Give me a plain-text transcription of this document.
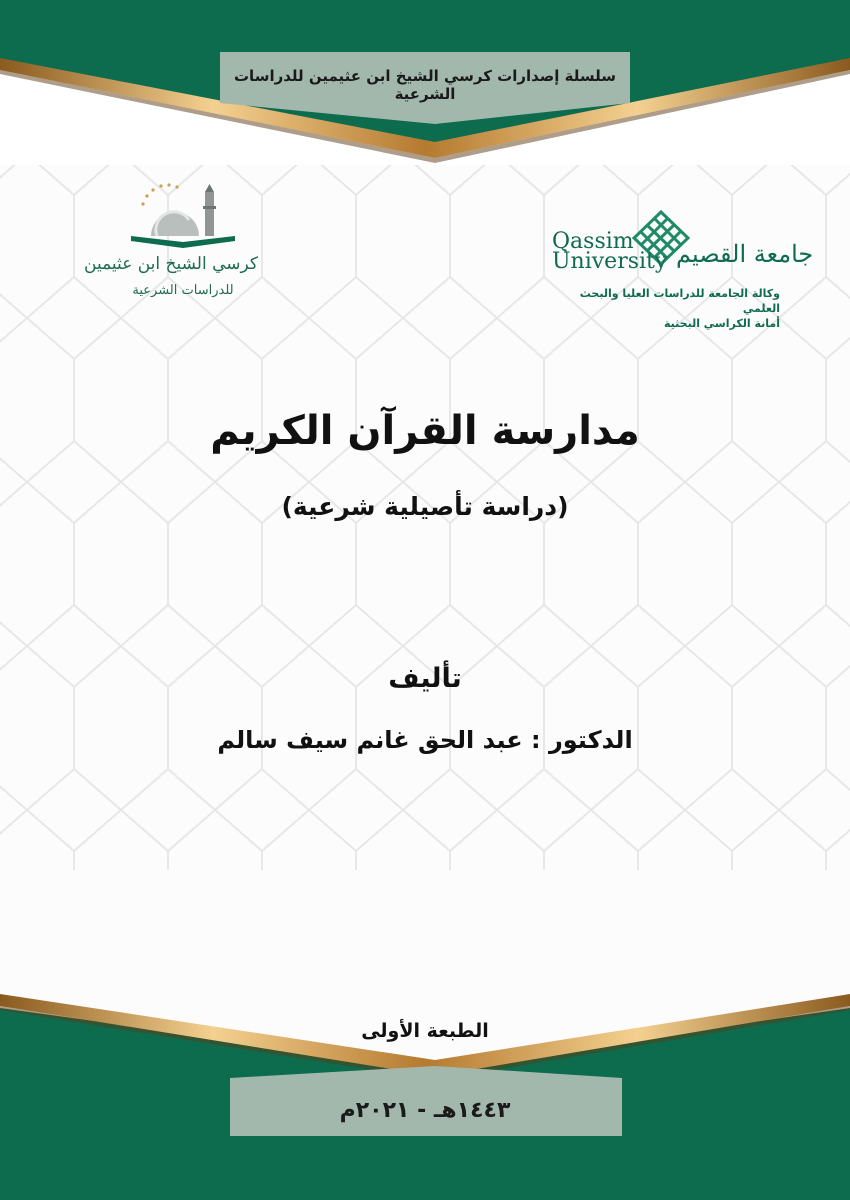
سلسلة إصدارات كرسي الشيخ ابن عثيمين للدراسات الشرعية
Qassim
University جامعة القصيم
وكالة الجامعة للدراسات العليا والبحث العلمي
أمانة الكراسي البحثية
كرسي الشيخ ابن عثيمين
للدراسات الشرعية
مدارسة القرآن الكريم
(دراسة تأصيلية شرعية)
تأليف
الدكتور : عبد الحق غانم سيف سالم
الطبعة الأولى
١٤٤٣هـ - ٢٠٢١م
